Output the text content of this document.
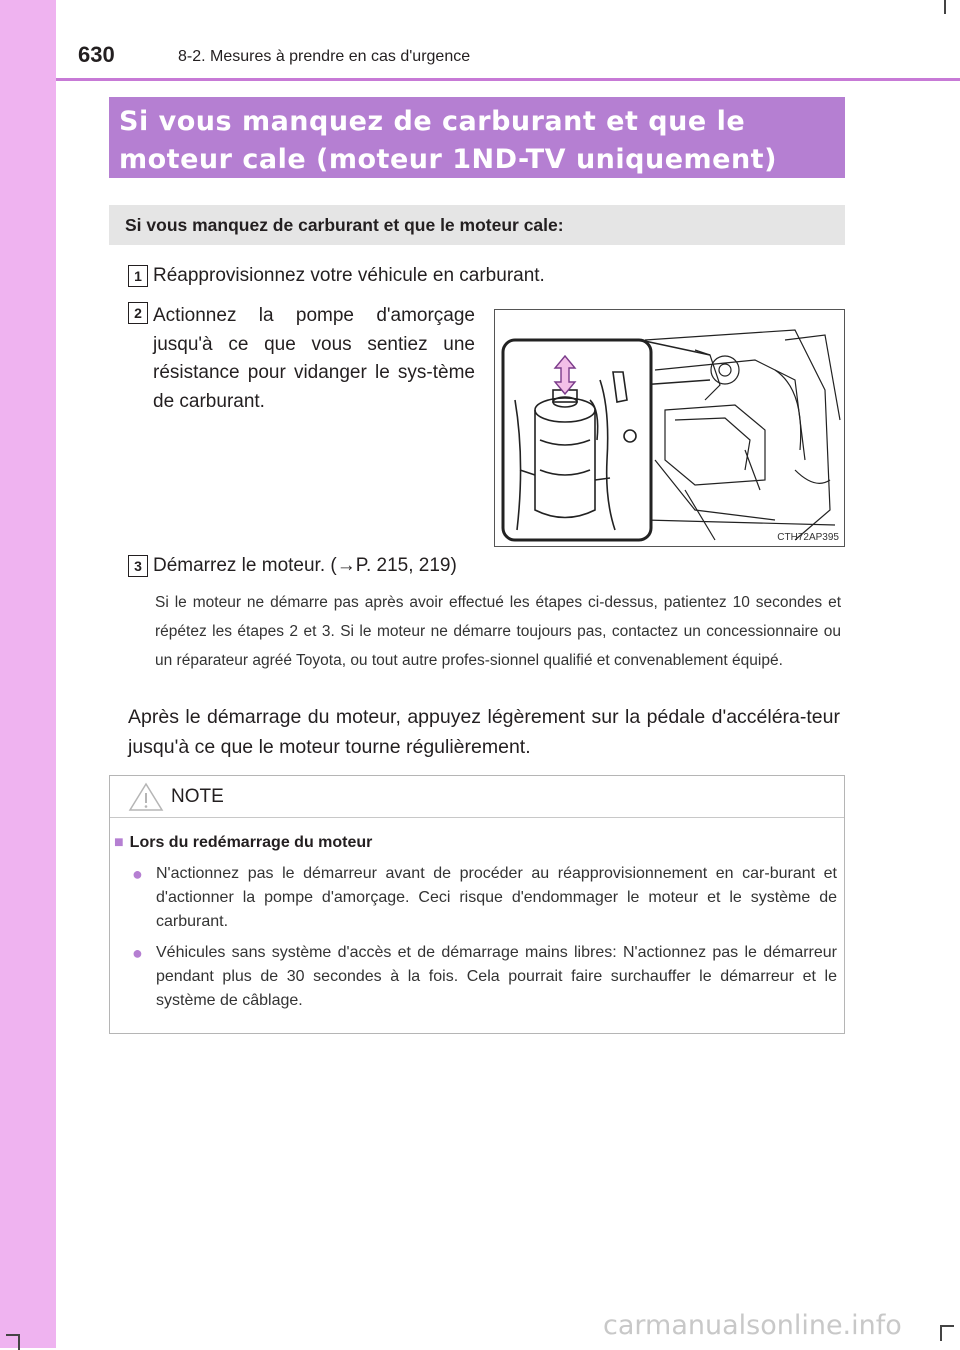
630	8-2. Mesures à prendre en cas d'urgence
Si vous manquez de carburant et que le
moteur cale (moteur 1ND-TV uniquement)
Si vous manquez de carburant et que le moteur cale:
1 Réapprovisionnez votre véhicule en carburant.
2 Actionnez la pompe d'amorçage jusqu'à ce que vous sentiez une résistance pour vidanger le sys-tème de carburant.
CTH72AP395
3 Démarrez le moteur. (→P. 215, 219)
Si le moteur ne démarre pas après avoir effectué les étapes ci-dessus, patientez 10 secondes et répétez les étapes 2 et 3. Si le moteur ne démarre toujours pas, contactez un concessionnaire ou un réparateur agréé Toyota, ou tout autre profes-sionnel qualifié et convenablement équipé.
Après le démarrage du moteur, appuyez légèrement sur la pédale d'accéléra-teur jusqu'à ce que le moteur tourne régulièrement.
NOTE
■ Lors du redémarrage du moteur
● N'actionnez pas le démarreur avant de procéder au réapprovisionnement en car-burant et d'actionner la pompe d'amorçage. Ceci risque d'endommager le moteur et le système de carburant.
● Véhicules sans système d'accès et de démarrage mains libres: N'actionnez pas le démarreur pendant plus de 30 secondes à la fois. Cela pourrait faire surchauffer le démarreur et le système de câblage.
carmanualsonline.info
